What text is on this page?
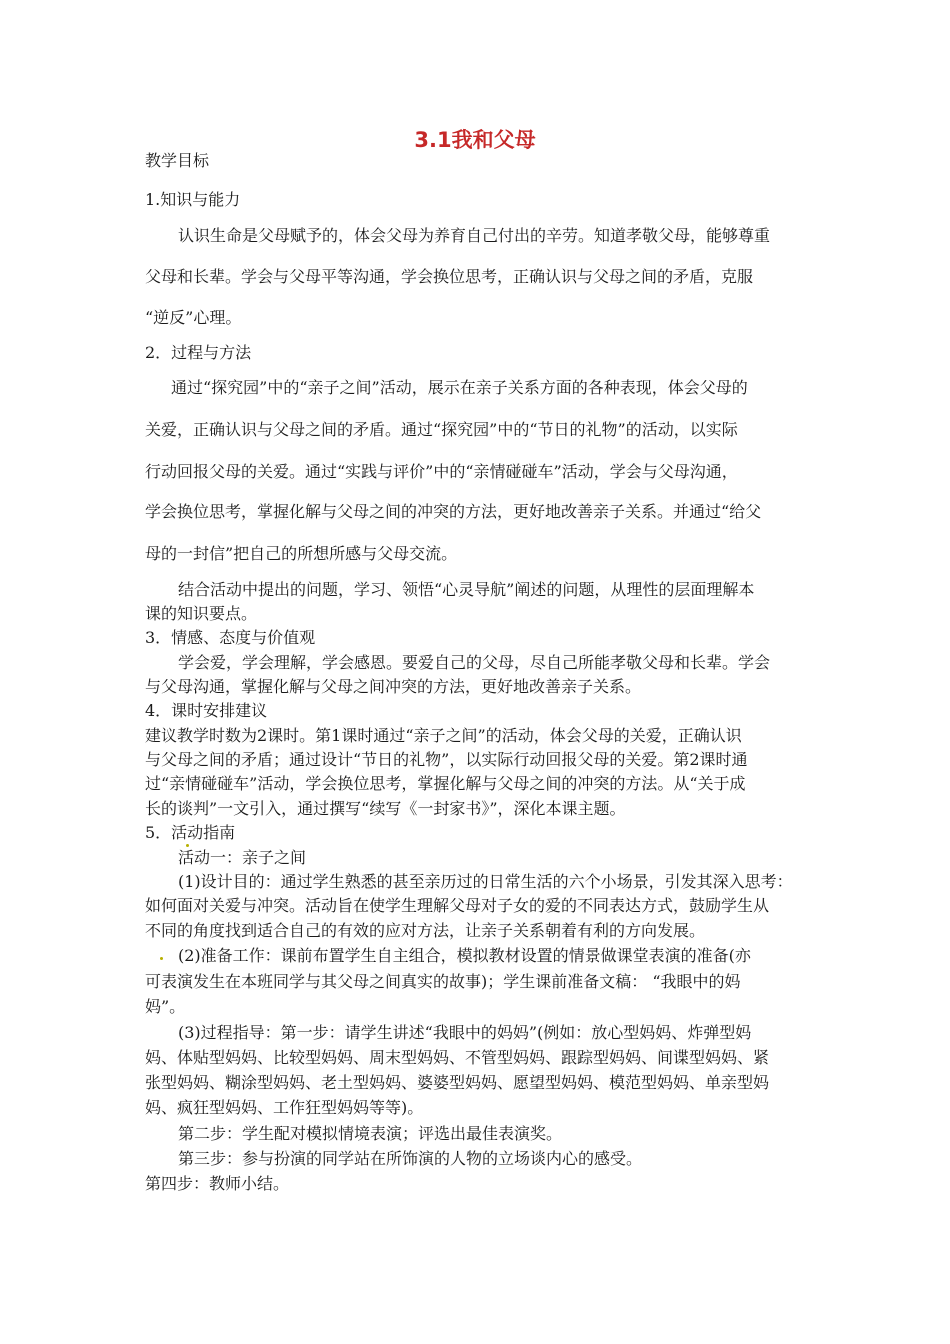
3.1我和父母
教学目标
1.知识与能力
认识生命是父母赋予的，体会父母为养育自己付出的辛劳。知道孝敬父母，能够尊重
父母和长辈。学会与父母平等沟通，学会换位思考，正确认识与父母之间的矛盾，克服
“逆反”心理。
2．过程与方法
通过“探究园”中的“亲子之间”活动，展示在亲子关系方面的各种表现，体会父母的
关爱，正确认识与父母之间的矛盾。通过“探究园”中的“节日的礼物”的活动，以实际
行动回报父母的关爱。通过“实践与评价”中的“亲情碰碰车”活动，学会与父母沟通，
学会换位思考，掌握化解与父母之间的冲突的方法，更好地改善亲子关系。并通过“给父
母的一封信”把自己的所想所感与父母交流。
结合活动中提出的问题，学习、领悟“心灵导航”阐述的问题，从理性的层面理解本
课的知识要点。
3．情感、态度与价值观
学会爱，学会理解，学会感恩。要爱自己的父母，尽自己所能孝敬父母和长辈。学会
与父母沟通，掌握化解与父母之间冲突的方法，更好地改善亲子关系。
4．课时安排建议
建议教学时数为2课时。第1课时通过“亲子之间”的活动，体会父母的关爱，正确认识
与父母之间的矛盾；通过设计“节日的礼物”，以实际行动回报父母的关爱。第2课时通
过“亲情碰碰车”活动，学会换位思考，掌握化解与父母之间的冲突的方法。从“关于成
长的谈判”一文引入，通过撰写“续写《一封家书》”，深化本课主题。
5．活动指南
活动一：亲子之间
(1)设计目的：通过学生熟悉的甚至亲历过的日常生活的六个小场景，引发其深入思考：
如何面对关爱与冲突。活动旨在使学生理解父母对子女的爱的不同表达方式，鼓励学生从
不同的角度找到适合自己的有效的应对方法，让亲子关系朝着有利的方向发展。
(2)准备工作：课前布置学生自主组合，模拟教材设置的情景做课堂表演的准备(亦
可表演发生在本班同学与其父母之间真实的故事)；学生课前准备文稿： “我眼中的妈
妈”。
(3)过程指导：第一步：请学生讲述“我眼中的妈妈”(例如：放心型妈妈、炸弹型妈
妈、体贴型妈妈、比较型妈妈、周末型妈妈、不管型妈妈、跟踪型妈妈、间谍型妈妈、紧
张型妈妈、糊涂型妈妈、老土型妈妈、婆婆型妈妈、愿望型妈妈、模范型妈妈、单亲型妈
妈、疯狂型妈妈、工作狂型妈妈等等)。
第二步：学生配对模拟情境表演；评选出最佳表演奖。
第三步：参与扮演的同学站在所饰演的人物的立场谈内心的感受。
第四步：教师小结。
